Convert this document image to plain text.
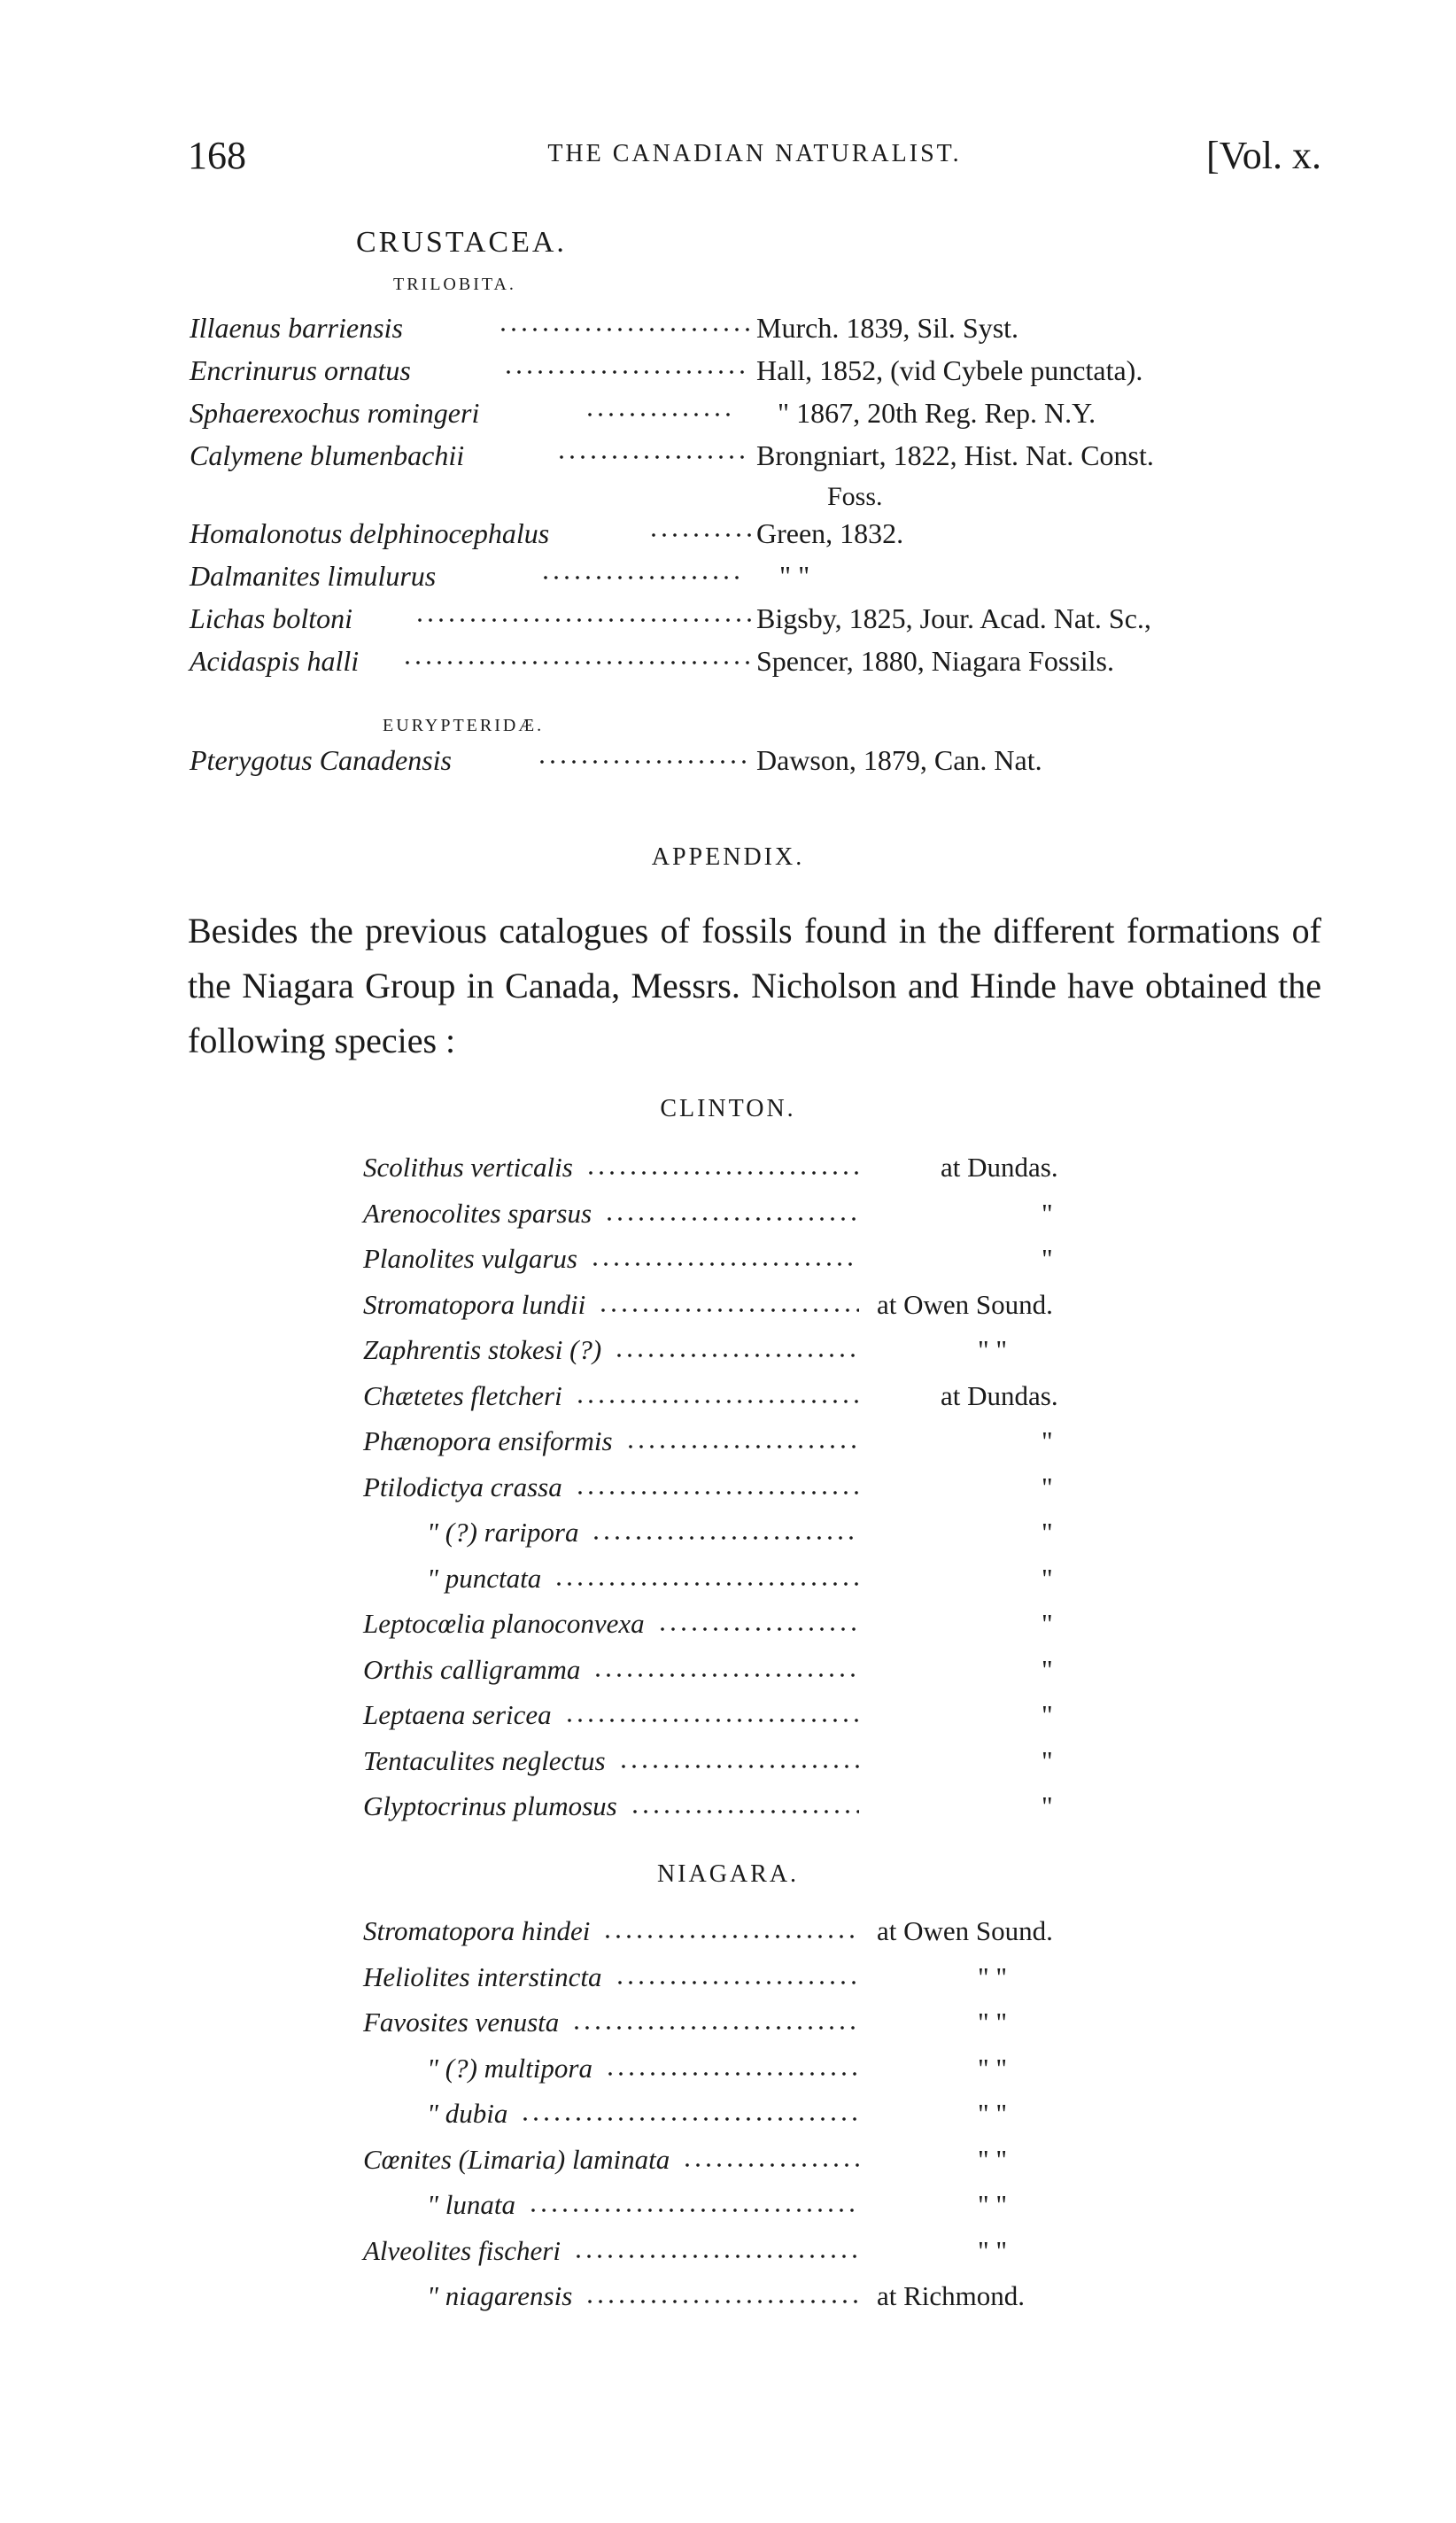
168	THE CANADIAN NATURALIST.	[Vol. x.
CRUSTACEA.
TRILOBITA.
Illaenus barriensis	Murch. 1839, Sil. Syst.
Encrinurus ornatus	Hall, 1852, (vid Cybele punctata).
Sphaerexochus romingeri	" 1867, 20th Reg. Rep. N.Y.
Calymene blumenbachii	Brongniart, 1822, Hist. Nat. Const.
Foss.
Homalonotus delphinocephalus	Green, 1832.
Dalmanites limulurus	" "
Lichas boltoni	Bigsby, 1825, Jour. Acad. Nat. Sc.,
Acidaspis halli	Spencer, 1880, Niagara Fossils.
EURYPTERIDÆ.
Pterygotus Canadensis	Dawson, 1879, Can. Nat.
APPENDIX.
Besides the previous catalogues of fossils found in the different formations of the Niagara Group in Canada, Messrs. Nicholson and Hinde have obtained the following species :
CLINTON.
Scolithus verticalis	at Dundas.
Arenocolites sparsus	"
Planolites vulgarus	"
Stromatopora lundii	at Owen Sound.
Zaphrentis stokesi (?)	" "
Chætetes fletcheri	at Dundas.
Phænopora ensiformis	"
Ptilodictya crassa	"
" (?) raripora	"
" punctata	"
Leptocœlia planoconvexa	"
Orthis calligramma	"
Leptaena sericea	"
Tentaculites neglectus	"
Glyptocrinus plumosus	"
NIAGARA.
Stromatopora hindei	at Owen Sound.
Heliolites interstincta	" "
Favosites venusta	" "
" (?) multipora	" "
" dubia	" "
Cœnites (Limaria) laminata	" "
" lunata	" "
Alveolites fischeri	" "
" niagarensis	at Richmond.
